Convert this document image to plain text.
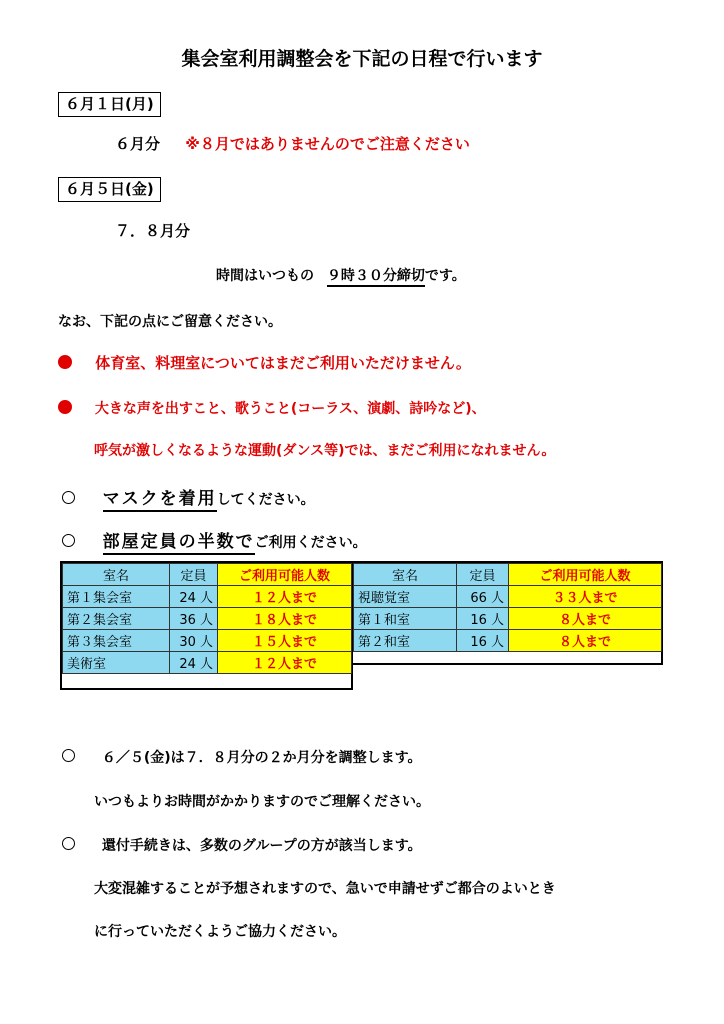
集会室利用調整会を下記の日程で行います
６月１日(月)
６月分 ※８月ではありませんのでご注意ください
６月５日(金)
７．８月分
時間はいつもの ９時３０分締切です。
なお、下記の点にご留意ください。
体育室、料理室についてはまだご利用いただけません。
大きな声を出すこと、歌うこと(コーラス、演劇、詩吟など)、
呼気が激しくなるような運動(ダンス等)では、まだご利用になれません。
マスクを着用してください。
部屋定員の半数でご利用ください。
室名	定員	ご利用可能人数
第１集会室	24 人	１２人まで
第２集会室	36 人	１８人まで
第３集会室	30 人	１５人まで
美術室	24 人	１２人まで
室名	定員	ご利用可能人数
視聴覚室	66 人	３３人まで
第１和室	16 人	８人まで
第２和室	16 人	８人まで
６／５(金)は７．８月分の２か月分を調整します。
いつもよりお時間がかかりますのでご理解ください。
還付手続きは、多数のグループの方が該当します。
大変混雑することが予想されますので、急いで申請せずご都合のよいとき
に行っていただくようご協力ください。
